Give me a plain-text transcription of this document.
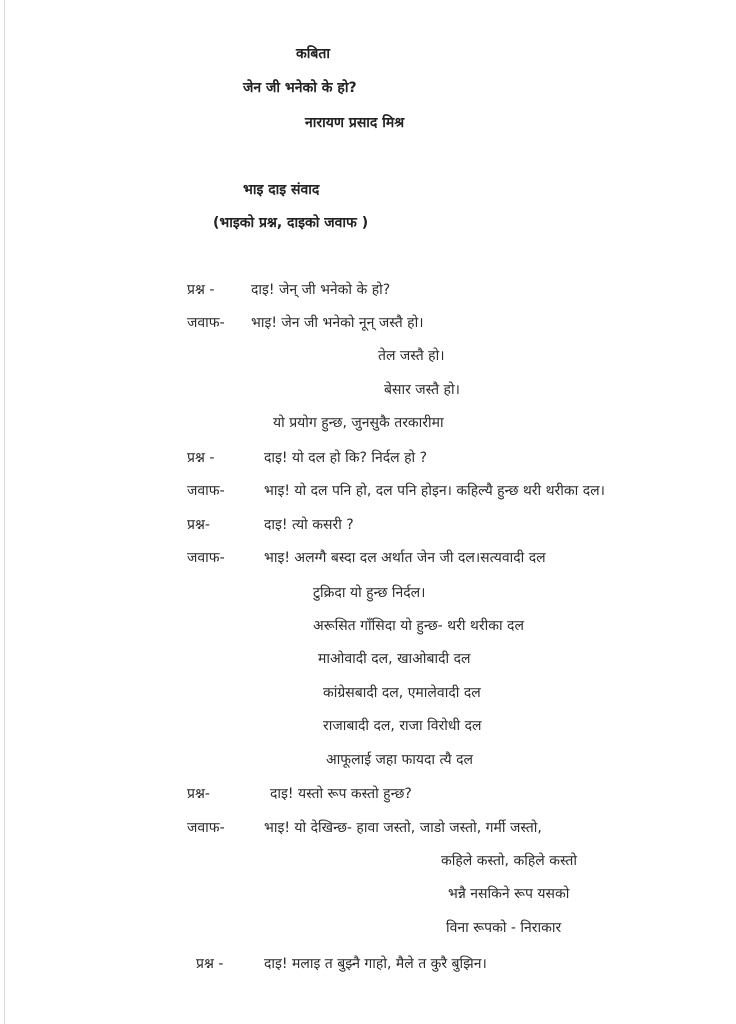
कबिता
जेन जी भनेको के हो?
नारायण प्रसाद मिश्र
भाइ दाइ संवाद
(भाइको प्रश्न, दाइको जवाफ )
प्रश्न -	दाइ! जेन् जी भनेको के हो?
जवाफ- भाइ! जेन जी भनेको नून् जस्तै हो।
तेल जस्तै हो।
बेसार जस्तै हो।
यो प्रयोग हुन्छ, जुनसुकै तरकारीमा
प्रश्न -	दाइ! यो दल हो कि? निर्दल हो ?
जवाफ-	भाइ! यो दल पनि हो, दल पनि होइन। कहिल्यै हुन्छ थरी थरीका दल।
प्रश्न-	दाइ! त्यो कसरी ?
जवाफ-	भाइ! अलग्गै बस्दा दल अर्थात जेन जी दल।सत्यवादी दल
टुक्रिदा यो हुन्छ निर्दल।
अरूसित गाँसिदा यो हुन्छ- थरी थरीका दल
माओवादी दल, खाओबादी दल
कांग्रेसबादी दल, एमालेवादी दल
राजाबादी दल, राजा विरोधी दल
आफूलाई जहा फायदा त्यै दल
प्रश्न-	दाइ! यस्तो रूप कस्तो हुन्छ?
जवाफ-	भाइ! यो देखिन्छ- हावा जस्तो, जाडो जस्तो, गर्मी जस्तो,
कहिले कस्तो, कहिले कस्तो
भन्नै नसकिने रूप यसको
विना रूपको - निराकार
प्रश्न -	दाइ! मलाइ त बुझ्नै गाहो, मैले त कुरै बुझिन।
